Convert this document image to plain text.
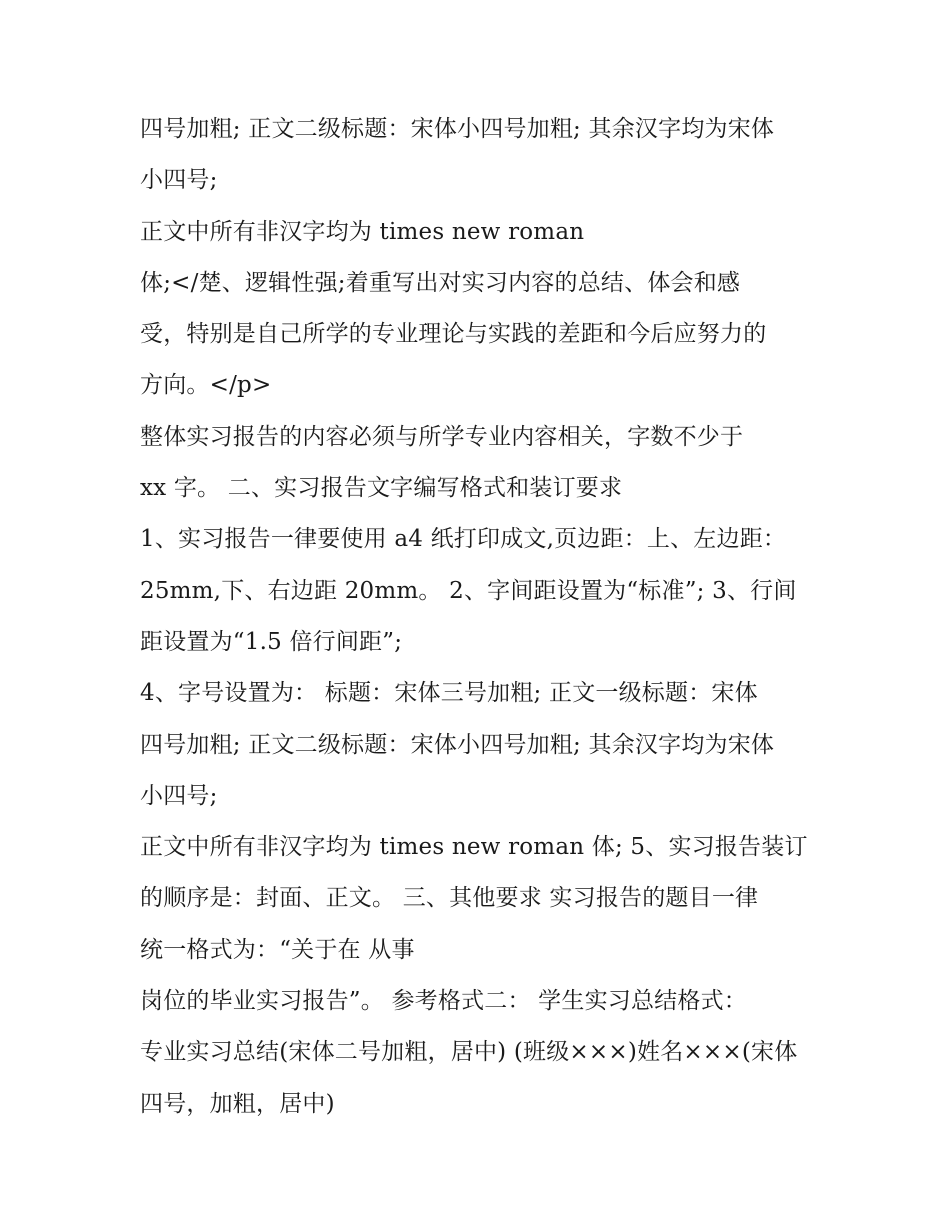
四号加粗; 正文二级标题：宋体小四号加粗; 其余汉字均为宋体
小四号;
正文中所有非汉字均为 times new roman
体;</楚、逻辑性强;着重写出对实习内容的总结、体会和感
受，特别是自己所学的专业理论与实践的差距和今后应努力的
方向。</p>
整体实习报告的内容必须与所学专业内容相关，字数不少于
xx 字。 二、实习报告文字编写格式和装订要求
1、实习报告一律要使用 a4 纸打印成文,页边距：上、左边距：
25mm,下、右边距 20mm。 2、字间距设置为“标准”; 3、行间
距设置为“1.5 倍行间距”;
4、字号设置为： 标题：宋体三号加粗; 正文一级标题：宋体
四号加粗; 正文二级标题：宋体小四号加粗; 其余汉字均为宋体
小四号;
正文中所有非汉字均为 times new roman 体; 5、实习报告装订
的顺序是：封面、正文。 三、其他要求 实习报告的题目一律
统一格式为：“关于在 从事
岗位的毕业实习报告”。 参考格式二： 学生实习总结格式：
专业实习总结(宋体二号加粗，居中) (班级×××)姓名×××(宋体
四号，加粗，居中)
